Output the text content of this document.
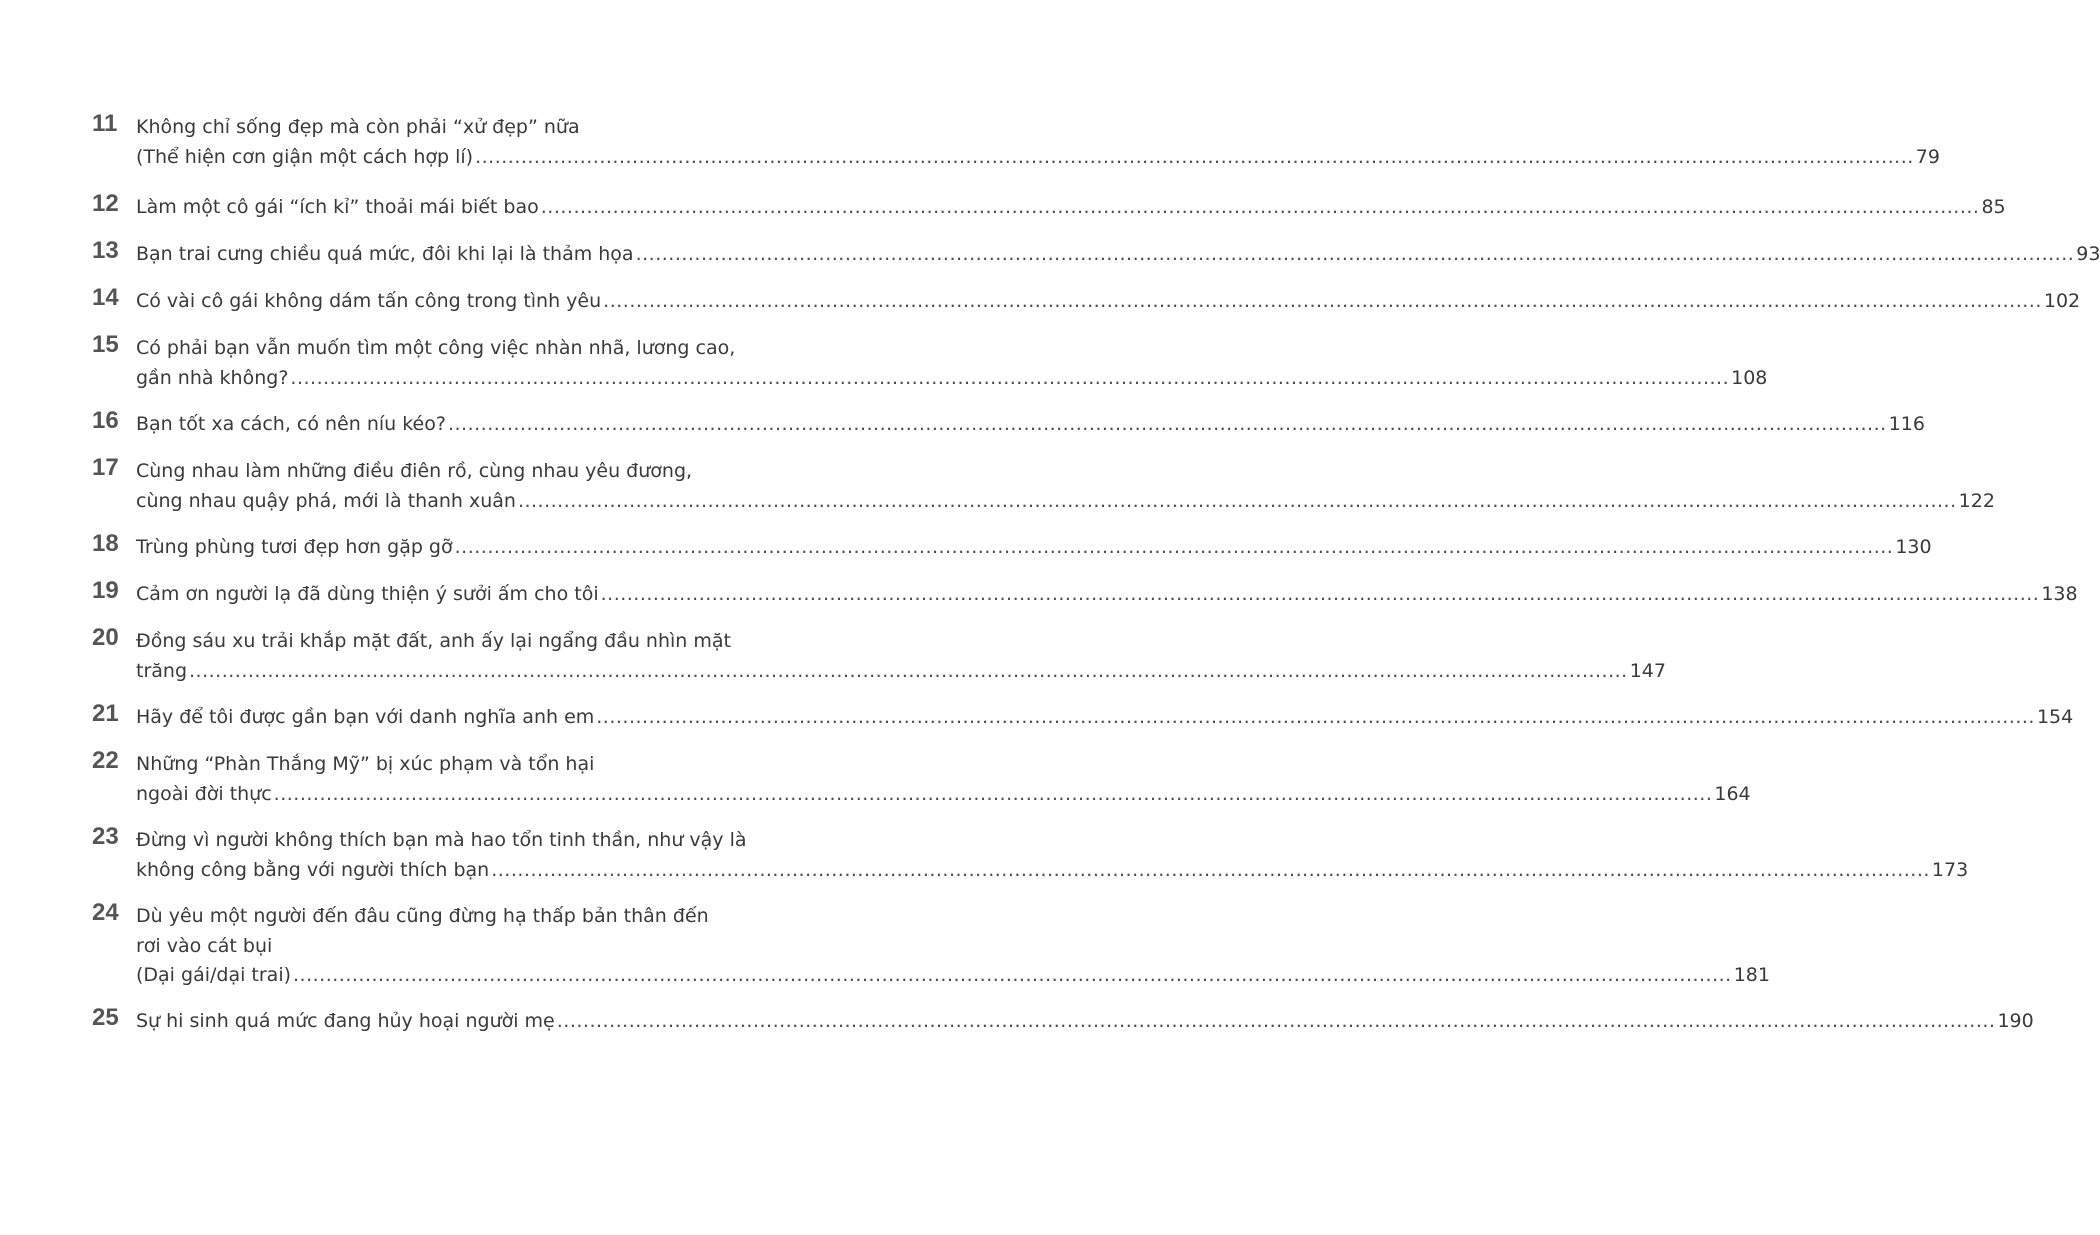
11 Không chỉ sống đẹp mà còn phải “xử đẹp” nữa
(Thể hiện cơn giận một cách hợp lí) ............................................................................................................................................................................................................................ 79
12 Làm một cô gái “ích kỉ” thoải mái biết bao ............................................................................................................................................................................................................................ 85
13 Bạn trai cưng chiều quá mức, đôi khi lại là thảm họa ............................................................................................................................................................................................................................ 93
14 Có vài cô gái không dám tấn công trong tình yêu ............................................................................................................................................................................................................................ 102
15 Có phải bạn vẫn muốn tìm một công việc nhàn nhã, lương cao,
gần nhà không? ............................................................................................................................................................................................................................ 108
16 Bạn tốt xa cách, có nên níu kéo? ............................................................................................................................................................................................................................ 116
17 Cùng nhau làm những điều điên rồ, cùng nhau yêu đương,
cùng nhau quậy phá, mới là thanh xuân ............................................................................................................................................................................................................................ 122
18 Trùng phùng tươi đẹp hơn gặp gỡ ............................................................................................................................................................................................................................ 130
19 Cảm ơn người lạ đã dùng thiện ý sưởi ấm cho tôi ............................................................................................................................................................................................................................ 138
20 Đồng sáu xu trải khắp mặt đất, anh ấy lại ngẩng đầu nhìn mặt
trăng ............................................................................................................................................................................................................................ 147
21 Hãy để tôi được gần bạn với danh nghĩa anh em ............................................................................................................................................................................................................................ 154
22 Những “Phàn Thắng Mỹ” bị xúc phạm và tổn hại
ngoài đời thực ............................................................................................................................................................................................................................ 164
23 Đừng vì người không thích bạn mà hao tổn tinh thần, như vậy là
không công bằng với người thích bạn ............................................................................................................................................................................................................................ 173
24 Dù yêu một người đến đâu cũng đừng hạ thấp bản thân đến
rơi vào cát bụi
(Dại gái/dại trai) ............................................................................................................................................................................................................................ 181
25 Sự hi sinh quá mức đang hủy hoại người mẹ ............................................................................................................................................................................................................................ 190
